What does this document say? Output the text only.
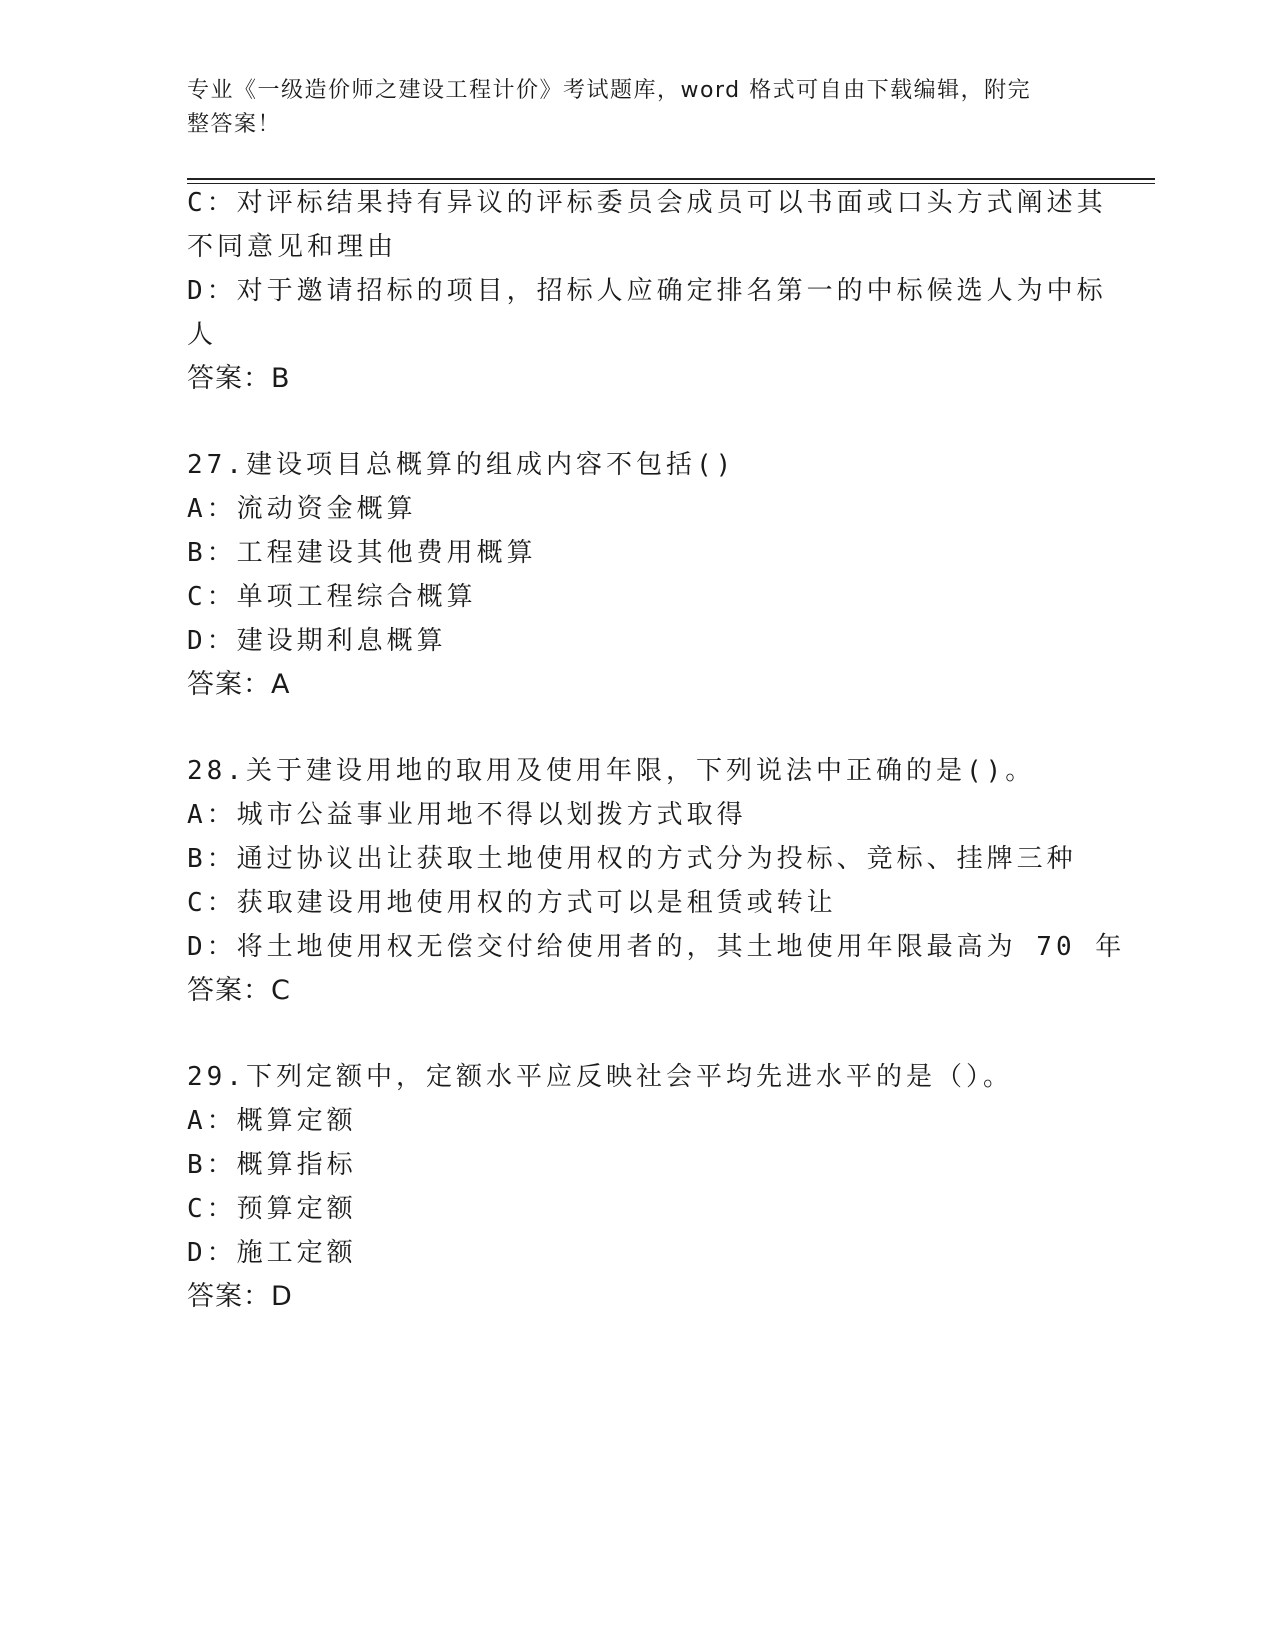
专业《一级造价师之建设工程计价》考试题库，word 格式可自由下载编辑，附完
整答案！
C：对评标结果持有异议的评标委员会成员可以书面或口头方式阐述其
不同意见和理由
D：对于邀请招标的项目，招标人应确定排名第一的中标候选人为中标
人
答案：B
27.建设项目总概算的组成内容不包括()
A：流动资金概算
B：工程建设其他费用概算
C：单项工程综合概算
D：建设期利息概算
答案：A
28.关于建设用地的取用及使用年限，下列说法中正确的是()。
A：城市公益事业用地不得以划拨方式取得
B：通过协议出让获取土地使用权的方式分为投标、竞标、挂牌三种
C：获取建设用地使用权的方式可以是租赁或转让
D：将土地使用权无偿交付给使用者的，其土地使用年限最高为 70 年
答案：C
29.下列定额中，定额水平应反映社会平均先进水平的是（）。
A：概算定额
B：概算指标
C：预算定额
D：施工定额
答案：D
